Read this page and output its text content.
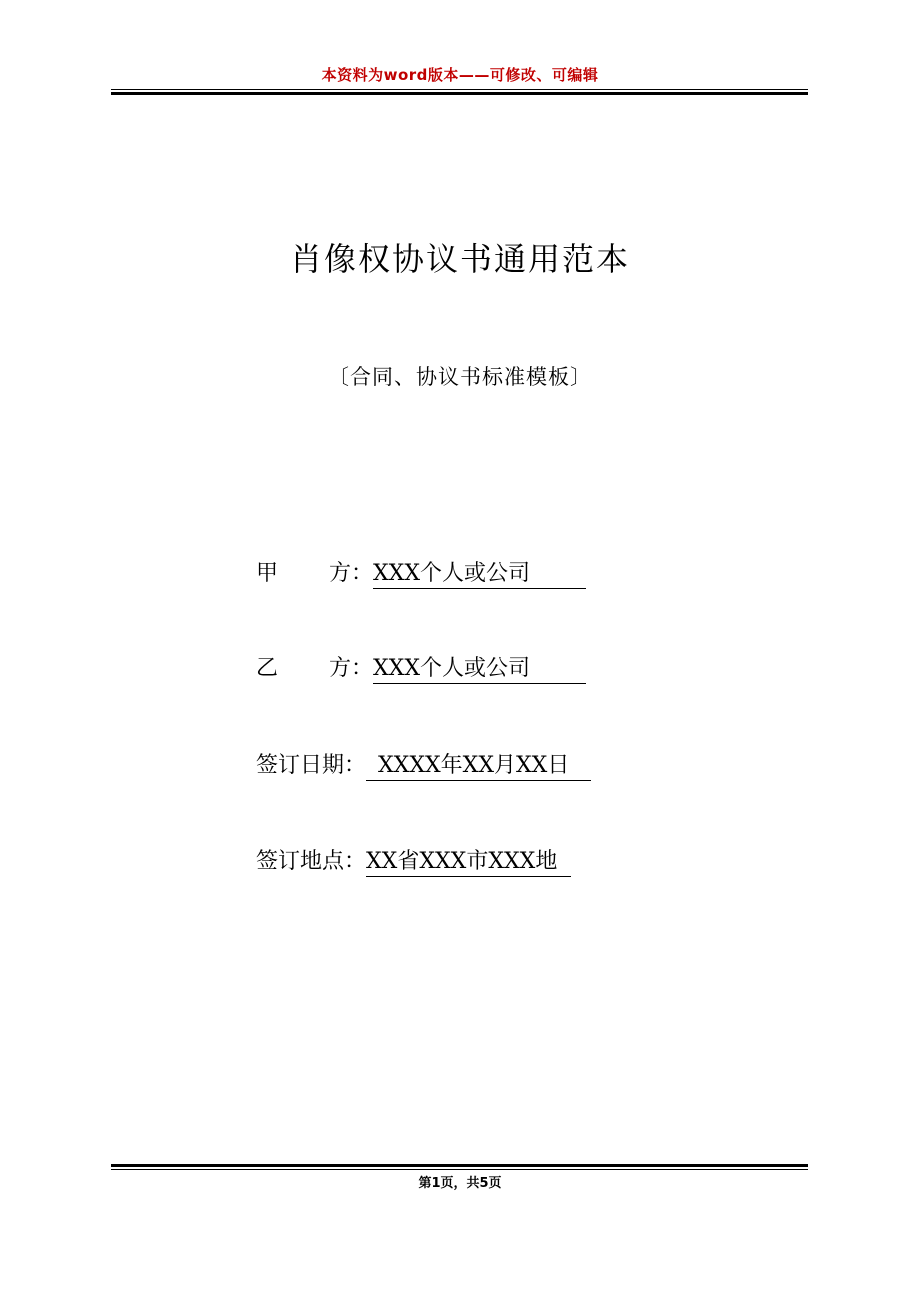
本资料为word版本——可修改、可编辑
肖像权协议书通用范本
〔合同、协议书标准模板〕
甲　　 方：XXX个人或公司
乙　　 方：XXX个人或公司
签订日期： XXXX年XX月XX日
签订地点：XX省XXX市XXX地
第1页，共5页
